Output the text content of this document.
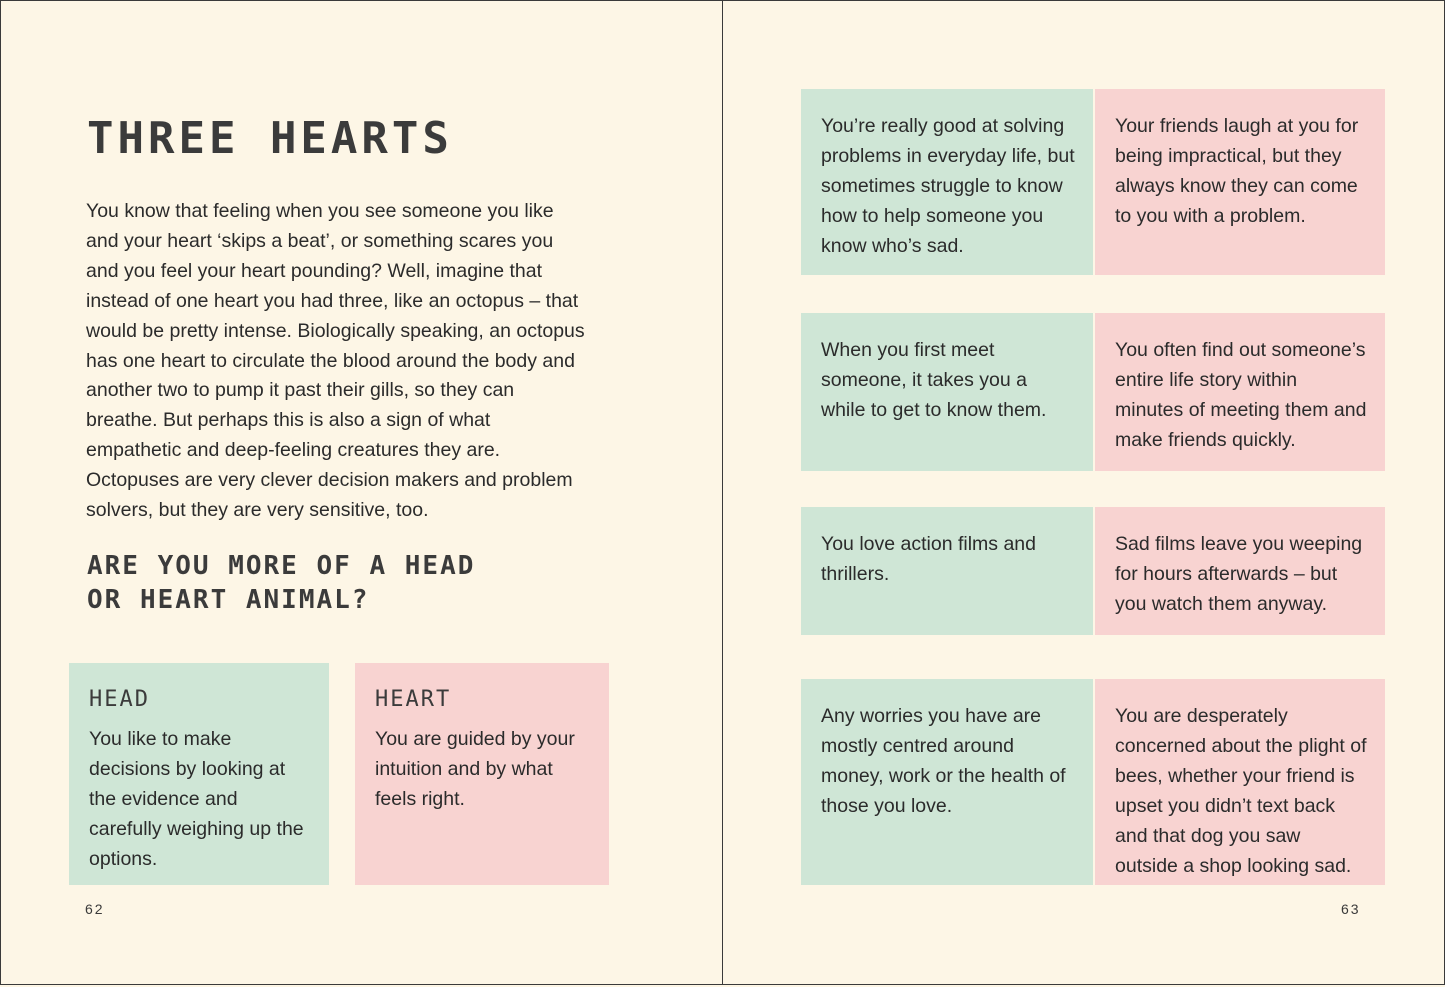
THREE HEARTS

You know that feeling when you see someone you like and your heart ‘skips a beat’, or something scares you and you feel your heart pounding? Well, imagine that instead of one heart you had three, like an octopus – that would be pretty intense. Biologically speaking, an octopus has one heart to circulate the blood around the body and another two to pump it past their gills, so they can breathe. But perhaps this is also a sign of what empathetic and deep-feeling creatures they are. Octopuses are very clever decision makers and problem solvers, but they are very sensitive, too.

ARE YOU MORE OF A HEAD
OR HEART ANIMAL?
HEAD
You like to make decisions by looking at the evidence and carefully weighing up the options.
HEART
You are guided by your intuition and by what feels right.
62
You’re really good at solving problems in everyday life, but sometimes struggle to know how to help someone you know who’s sad.
Your friends laugh at you for being impractical, but they always know they can come to you with a problem.
When you first meet someone, it takes you a while to get to know them.
You often find out someone’s entire life story within minutes of meeting them and make friends quickly.
You love action films and thrillers.
Sad films leave you weeping for hours afterwards – but you watch them anyway.
Any worries you have are mostly centred around money, work or the health of those you love.
You are desperately concerned about the plight of bees, whether your friend is upset you didn’t text back and that dog you saw outside a shop looking sad.
63
